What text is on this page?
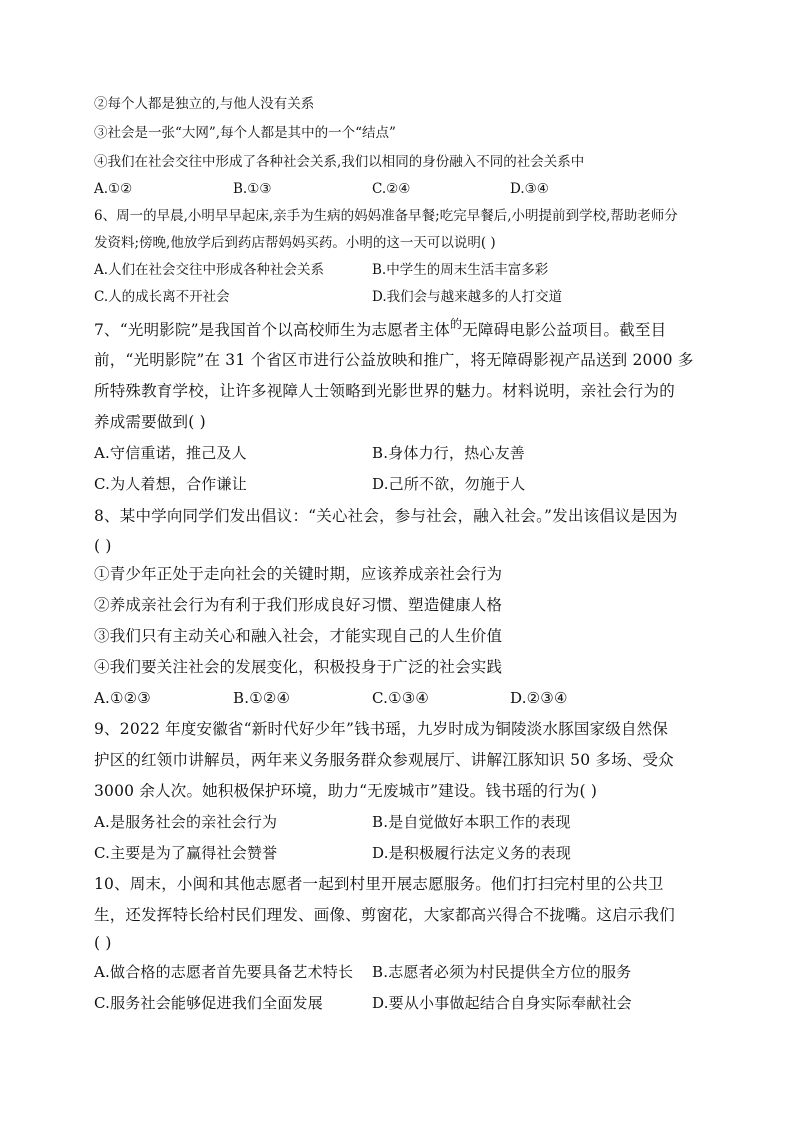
②每个人都是独立的,与他人没有关系
③社会是一张“大网”,每个人都是其中的一个“结点”
④我们在社会交往中形成了各种社会关系,我们以相同的身份融入不同的社会关系中
A.①②	B.①③	C.②④	D.③④
6、周一的早晨,小明早早起床,亲手为生病的妈妈准备早餐;吃完早餐后,小明提前到学校,帮助老师分
发资料;傍晚,他放学后到药店帮妈妈买药。小明的这一天可以说明( )
A.人们在社会交往中形成各种社会关系	B.中学生的周末生活丰富多彩
C.人的成长离不开社会	D.我们会与越来越多的人打交道
7、“光明影院”是我国首个以高校师生为志愿者主体$^的$无障碍电影公益项目。截至目
前，“光明影院”在 31 个省区市进行公益放映和推广，将无障碍影视产品送到 2000 多
所特殊教育学校，让许多视障人士领略到光影世界的魅力。材料说明，亲社会行为的
养成需要做到( )
A.守信重诺，推己及人	B.身体力行，热心友善
C.为人着想，合作谦让	D.己所不欲，勿施于人
8、某中学向同学们发出倡议：“关心社会，参与社会，融入社会。”发出该倡议是因为
( )
①青少年正处于走向社会的关键时期，应该养成亲社会行为
②养成亲社会行为有利于我们形成良好习惯、塑造健康人格
③我们只有主动关心和融入社会，才能实现自己的人生价值
④我们要关注社会的发展变化，积极投身于广泛的社会实践
A.①②③	B.①②④	C.①③④	D.②③④
9、2022 年度安徽省“新时代好少年”钱书瑶，九岁时成为铜陵淡水豚国家级自然保
护区的红领巾讲解员，两年来义务服务群众参观展厅、讲解江豚知识 50 多场、受众
3000 余人次。她积极保护环境，助力“无废城市”建设。钱书瑶的行为( )
A.是服务社会的亲社会行为	B.是自觉做好本职工作的表现
C.主要是为了赢得社会赞誉	D.是积极履行法定义务的表现
10、周末，小闽和其他志愿者一起到村里开展志愿服务。他们打扫完村里的公共卫
生，还发挥特长给村民们理发、画像、剪窗花，大家都高兴得合不拢嘴。这启示我们
( )
A.做合格的志愿者首先要具备艺术特长 B.志愿者必须为村民提供全方位的服务
C.服务社会能够促进我们全面发展	D.要从小事做起结合自身实际奉献社会
